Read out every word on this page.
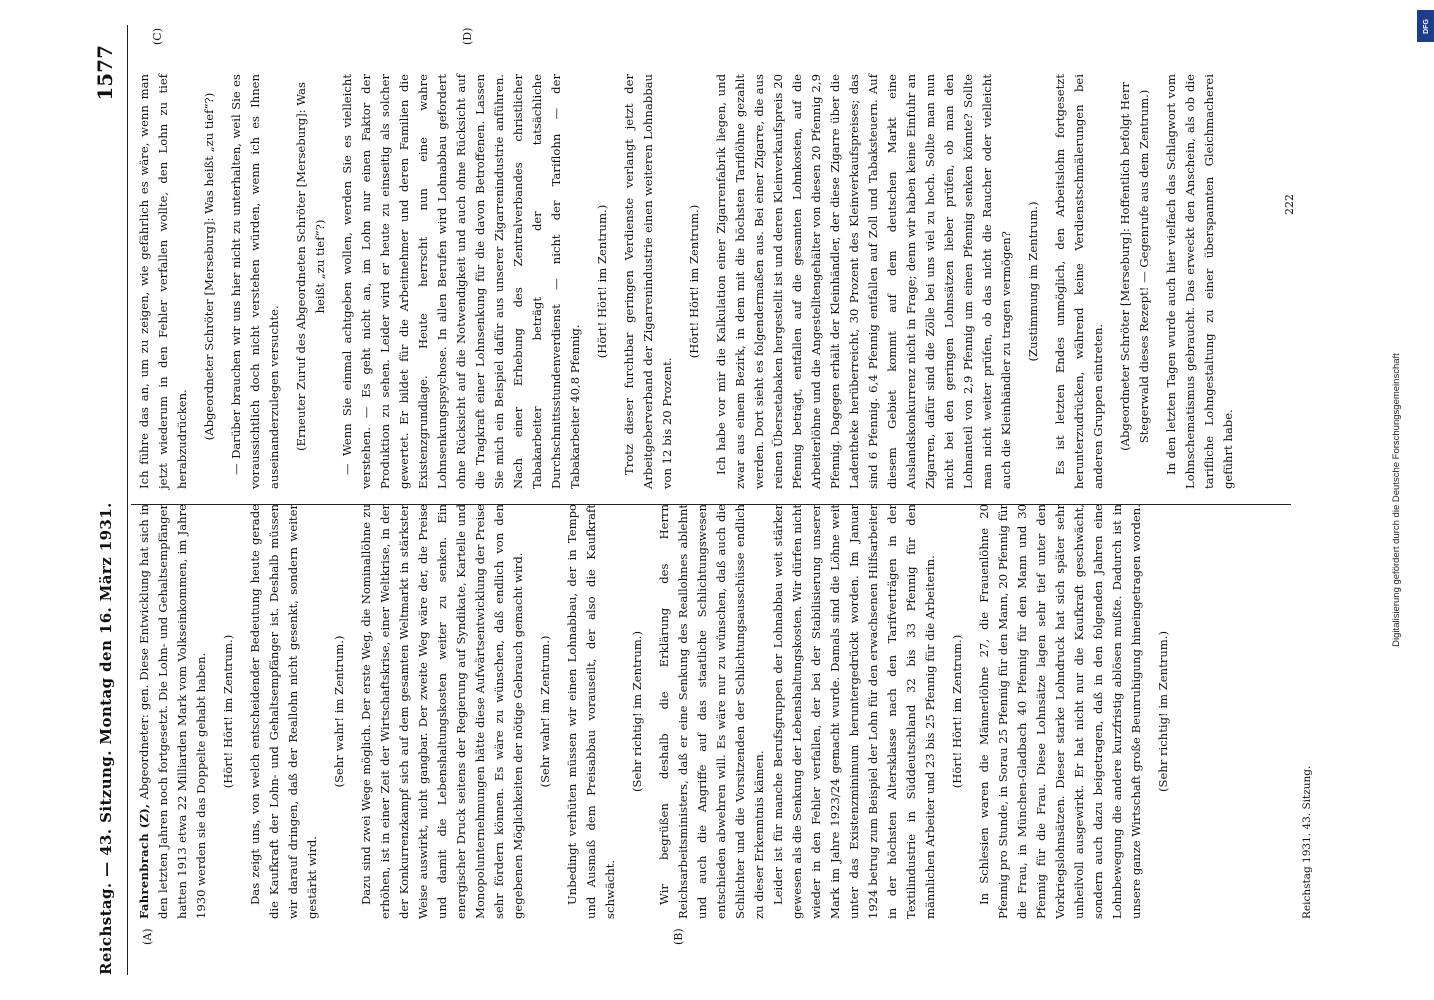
Reichstag. — 43. Sitzung. Montag den 16. März 1931.
1577
(A)	(B)
(C)	(D)

Fahrenbrach (Z), Abgeordneter: gen. Diese Entwicklung hat sich in den letzten Jahren noch fortgesetzt. Die Lohn- und Gehaltsempfänger hatten 1913 etwa 22 Milliarden Mark vom Volkseinkommen, im Jahre 1930 werden sie das Doppelte gehabt haben. (Hört! Hört! im Zentrum.) Das zeigt uns, von welch entscheidender Bedeutung heute gerade die Kaufkraft der Lohn- und Gehaltsempfänger ist. Deshalb müssen wir darauf dringen, daß der Reallohn nicht gesenkt, sondern weiter gestärkt wird.

(Sehr wahr! im Zentrum.) Dazu sind zwei Wege möglich. Der erste Weg, die Nominallöhne zu erhöhen, ist in einer Zeit der Wirtschaftskrise, einer Weltkrise, in der der Konkurrenzkampf sich auf dem gesamten Weltmarkt in stärkster Weise auswirkt, nicht gangbar. Der zweite Weg wäre der, die Preise und damit die Lebenshaltungskosten weiter zu senken. Ein energischer Druck seitens der Regierung auf Syndikate, Kartelle und Monopolunternehmungen hätte diese Aufwärtsentwicklung der Preise sehr fördern können. Es wäre zu wünschen, daß endlich von den gegebenen Möglichkeiten der nötige Gebrauch gemacht wird. (Sehr wahr! im Zentrum.) Unbedingt verhüten müssen wir einen Lohnabbau, der in Tempo und Ausmaß dem Preisabbau vorauseilt, der also die Kaufkraft schwächt.

(Sehr richtig! im Zentrum.) Wir begrüßen deshalb die Erklärung des Herrn Reichsarbeitsministers, daß er eine Senkung des Reallohnes ablehnt und auch die Angriffe auf das staatliche Schlichtungswesen entschieden abwehren will. Es wäre nur zu wünschen, daß auch die Schlichter und die Vorsitzenden der Schlichtungsausschüsse endlich zu dieser Erkenntnis kämen. Leider ist für manche Berufsgruppen der Lohnabbau weit stärker gewesen als die Senkung der Lebenshaltungskosten. Wir dürfen nicht wieder in den Fehler verfallen, der bei der Stabilisierung unserer Mark im Jahre 1923/24 gemacht wurde. Damals sind die Löhne weit unter das Existenzminimum heruntergedrückt worden. Im Januar 1924 betrug zum Beispiel der Lohn für den erwachsenen Hilfsarbeiter in der höchsten Altersklasse nach den Tarifverträgen in der Textilindustrie in Süddeutschland 32 bis 33 Pfennig für den männlichen Arbeiter und 23 bis 25 Pfennig für die Arbeiterin. (Hört! Hört! im Zentrum.) In Schlesien waren die Männerlöhne 27, die Frauenlöhne 20 Pfennig pro Stunde, in Sorau 25 Pfennig für den Mann, 20 Pfennig für die Frau, in München-Gladbach 40 Pfennig für den Mann und 30 Pfennig für die Frau. Diese Lohnsätze lagen sehr tief unter den Vorkriegslohnsätzen. Dieser starke Lohndruck hat sich später sehr unheilvoll ausgewirkt. Er hat nicht nur die Kaufkraft geschwächt, sondern auch dazu beigetragen, daß in den folgenden Jahren eine Lohnbewegung die andere kurzfristig ablösen mußte. Dadurch ist in unsere ganze Wirtschaft große Beunruhigung hineingetragen worden. (Sehr richtig! im Zentrum.)

Ich führe das an, um zu zeigen, wie gefährlich es wäre, wenn man jetzt wiederum in den Fehler verfallen wollte, den Lohn zu tief herabzudrücken. (Abgeordneter Schröter [Merseburg]: Was heißt „zu tief“?) — Darüber brauchen wir uns hier nicht zu unterhalten, weil Sie es voraussichtlich doch nicht verstehen würden, wenn ich es Ihnen auseinanderzulegen versuchte. (Erneuter Zuruf des Abgeordneten Schröter [Merseburg]: Was heißt „zu tief“?) — Wenn Sie einmal achtgeben wollen, werden Sie es vielleicht verstehen. — Es geht nicht an, im Lohn nur einen Faktor der Produktion zu sehen. Leider wird er heute zu einseitig als solcher gewertet. Er bildet für die Arbeitnehmer und deren Familien die Existenzgrundlage. Heute herrscht nun eine wahre Lohnsenkungspsychose. In allen Berufen wird Lohnabbau gefordert ohne Rücksicht auf die Notwendigkeit und auch ohne Rücksicht auf die Tragkraft einer Lohnsenkung für die davon Betroffenen. Lassen Sie mich ein Beispiel dafür aus unserer Zigarrenindustrie anführen. Nach einer Erhebung des Zentralverbandes christlicher Tabakarbeiter beträgt der tatsächliche Durchschnittsstundenverdienst — nicht der Tariflohn — der Tabakarbeiter 40,8 Pfennig.

(Hört! Hört! im Zentrum.) Trotz dieser furchtbar geringen Verdienste verlangt jetzt der Arbeitgeberverband der Zigarrenindustrie einen weiteren Lohnabbau von 12 bis 20 Prozent.

(Hört! Hört! im Zentrum.) Ich habe vor mir die Kalkulation einer Zigarrenfabrik liegen, und zwar aus einem Bezirk, in dem mit die höchsten Tariflöhne gezahlt werden. Dort sieht es folgendermaßen aus. Bei einer Zigarre, die aus reinen Übersetabaken hergestellt ist und deren Kleinverkaufspreis 20 Pfennig beträgt, entfallen auf die gesamten Lohnkosten, auf die Arbeiterlöhne und die Angestelltengehälter von diesen 20 Pfennig 2,9 Pfennig. Dagegen erhält der Kleinhändler, der diese Zigarre über die Ladentheke herüberreicht, 30 Prozent des Kleinverkaufspreises; das sind 6 Pfennig. 6,4 Pfennig entfallen auf Zoll und Tabaksteuern. Auf diesem Gebiet kommt auf dem deutschen Markt eine Auslandskonkurrenz nicht in Frage; denn wir haben keine Einfuhr an Zigarren, dafür sind die Zölle bei uns viel zu hoch. Sollte man nun nicht bei den geringen Lohnsätzen lieber prüfen, ob man den Lohnanteil von 2,9 Pfennig um einen Pfennig senken könnte? Sollte man nicht weiter prüfen, ob das nicht die Raucher oder vielleicht auch die Kleinhändler zu tragen vermögen? (Zustimmung im Zentrum.) Es ist letzten Endes unmöglich, den Arbeitslohn fortgesetzt herunterzudrücken, während keine Verdienstschmälerungen bei anderen Gruppen eintreten. (Abgeordneter Schröter [Merseburg]: Hoffentlich befolgt Herr Stegerwald dieses Rezept! — Gegenrufe aus dem Zentrum.) In den letzten Tagen wurde auch hier vielfach das Schlagwort vom Lohnschematismus gebraucht. Das erweckt den Anschein, als ob die tarifliche Lohngestaltung zu einer überspannten Gleichmacherei geführt habe.

Reichstag 1931. 43. Sitzung.
222
Digitalisierung gefördert durch die Deutsche Forschungsgemeinschaft
DFG
